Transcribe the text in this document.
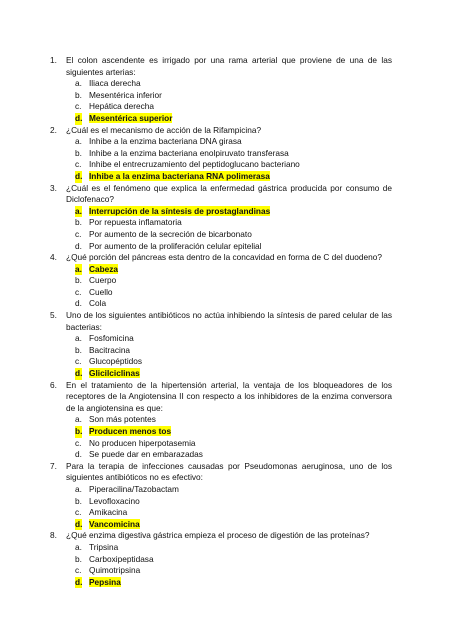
1. El colon ascendente es irrigado por una rama arterial que proviene de una de las siguientes arterias:
a. Iliaca derecha
b. Mesentérica inferior
c. Hepática derecha
d. Mesentérica superior
2. ¿Cuál es el mecanismo de acción de la Rifampicina?
a. Inhibe a la enzima bacteriana DNA girasa
b. Inhibe a la enzima bacteriana enolpiruvato transferasa
c. Inhibe el entrecruzamiento del peptidoglucano bacteriano
d. Inhibe a la enzima bacteriana RNA polimerasa
3. ¿Cuál es el fenómeno que explica la enfermedad gástrica producida por consumo de Diclofenaco?
a. Interrupción de la síntesis de prostaglandinas
b. Por repuesta inflamatoria
c. Por aumento de la secreción de bicarbonato
d. Por aumento de la proliferación celular epitelial
4. ¿Qué porción del páncreas esta dentro de la concavidad en forma de C del duodeno?
a. Cabeza
b. Cuerpo
c. Cuello
d. Cola
5. Uno de los siguientes antibióticos no actúa inhibiendo la síntesis de pared celular de las bacterias:
a. Fosfomicina
b. Bacitracina
c. Glucopéptidos
d. Glicilciclinas
6. En el tratamiento de la hipertensión arterial, la ventaja de los bloqueadores de los receptores de la Angiotensina II con respecto a los inhibidores de la enzima conversora de la angiotensina es que:
a. Son más potentes
b. Producen menos tos
c. No producen hiperpotasemia
d. Se puede dar en embarazadas
7. Para la terapia de infecciones causadas por Pseudomonas aeruginosa, uno de los siguientes antibióticos no es efectivo:
a. Piperacilina/Tazobactam
b. Levofloxacino
c. Amikacina
d. Vancomicina
8. ¿Qué enzima digestiva gástrica empieza el proceso de digestión de las proteínas?
a. Tripsina
b. Carboxipeptidasa
c. Quimotripsina
d. Pepsina
